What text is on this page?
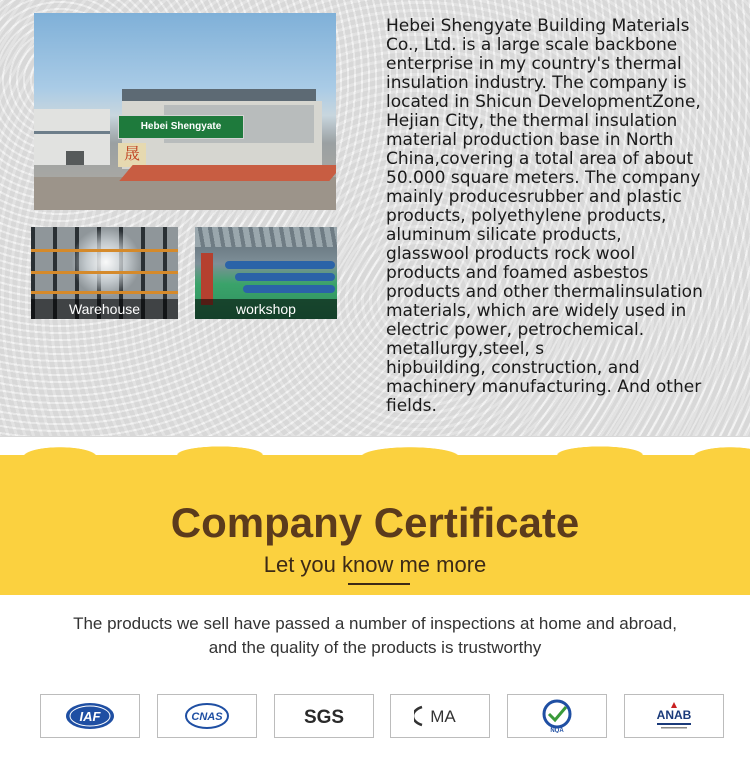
Hebei Shengyate
晟
Warehouse	workshop

Hebei Shengyate Building Materials
Co., Ltd. is a large scale backbone
enterprise in my country's thermal
insulation industry. The company is
located in Shicun DevelopmentZone,
Hejian City, the thermal insulation
material production base in North
China,covering a total area of about
50.000 square meters. The company
mainly producesrubber and plastic
products, polyethylene products,
aluminum silicate products,
glasswool products rock wool
products and foamed asbestos
products and other thermalinsulation
materials, which are widely used in
electric power, petrochemical.
metallurgy,steel, s
hipbuilding, construction, and
machinery manufacturing. And other
fields.

Company Certificate

Let you know me more

The products we sell have passed a number of inspections at home and abroad,
and the quality of the products is trustworthy

IAF	CNAS	SGS	MA
NQA
ANAB
